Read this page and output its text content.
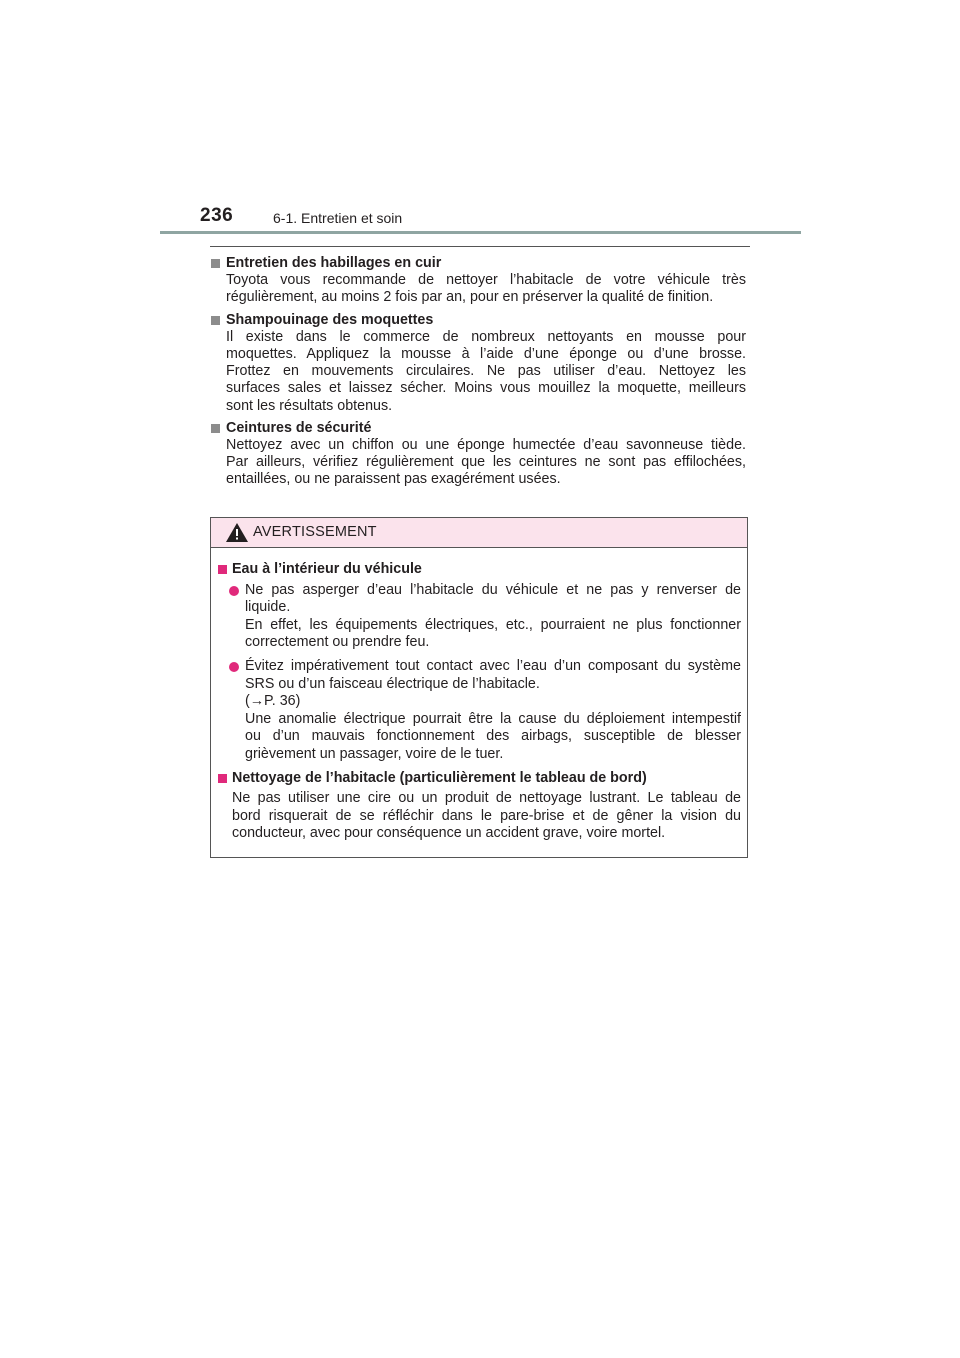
236	6-1. Entretien et soin
Entretien des habillages en cuir
Toyota vous recommande de nettoyer l’habitacle de votre véhicule très
régulièrement, au moins 2 fois par an, pour en préserver la qualité de finition.
Shampouinage des moquettes
Il existe dans le commerce de nombreux nettoyants en mousse pour
moquettes. Appliquez la mousse à l’aide d’une éponge ou d’une brosse.
Frottez en mouvements circulaires. Ne pas utiliser d’eau. Nettoyez les
surfaces sales et laissez sécher. Moins vous mouillez la moquette, meilleurs
sont les résultats obtenus.
Ceintures de sécurité
Nettoyez avec un chiffon ou une éponge humectée d’eau savonneuse tiède.
Par ailleurs, vérifiez régulièrement que les ceintures ne sont pas effilochées,
entaillées, ou ne paraissent pas exagérément usées.
AVERTISSEMENT
Eau à l’intérieur du véhicule
Ne pas asperger d’eau l’habitacle du véhicule et ne pas y renverser de
liquide.
En effet, les équipements électriques, etc., pourraient ne plus fonctionner
correctement ou prendre feu.
Évitez impérativement tout contact avec l’eau d’un composant du système
SRS ou d’un faisceau électrique de l’habitacle.
(→P. 36)
Une anomalie électrique pourrait être la cause du déploiement intempestif
ou d’un mauvais fonctionnement des airbags, susceptible de blesser
grièvement un passager, voire de le tuer.
Nettoyage de l’habitacle (particulièrement le tableau de bord)
Ne pas utiliser une cire ou un produit de nettoyage lustrant. Le tableau de
bord risquerait de se réfléchir dans le pare-brise et de gêner la vision du
conducteur, avec pour conséquence un accident grave, voire mortel.
